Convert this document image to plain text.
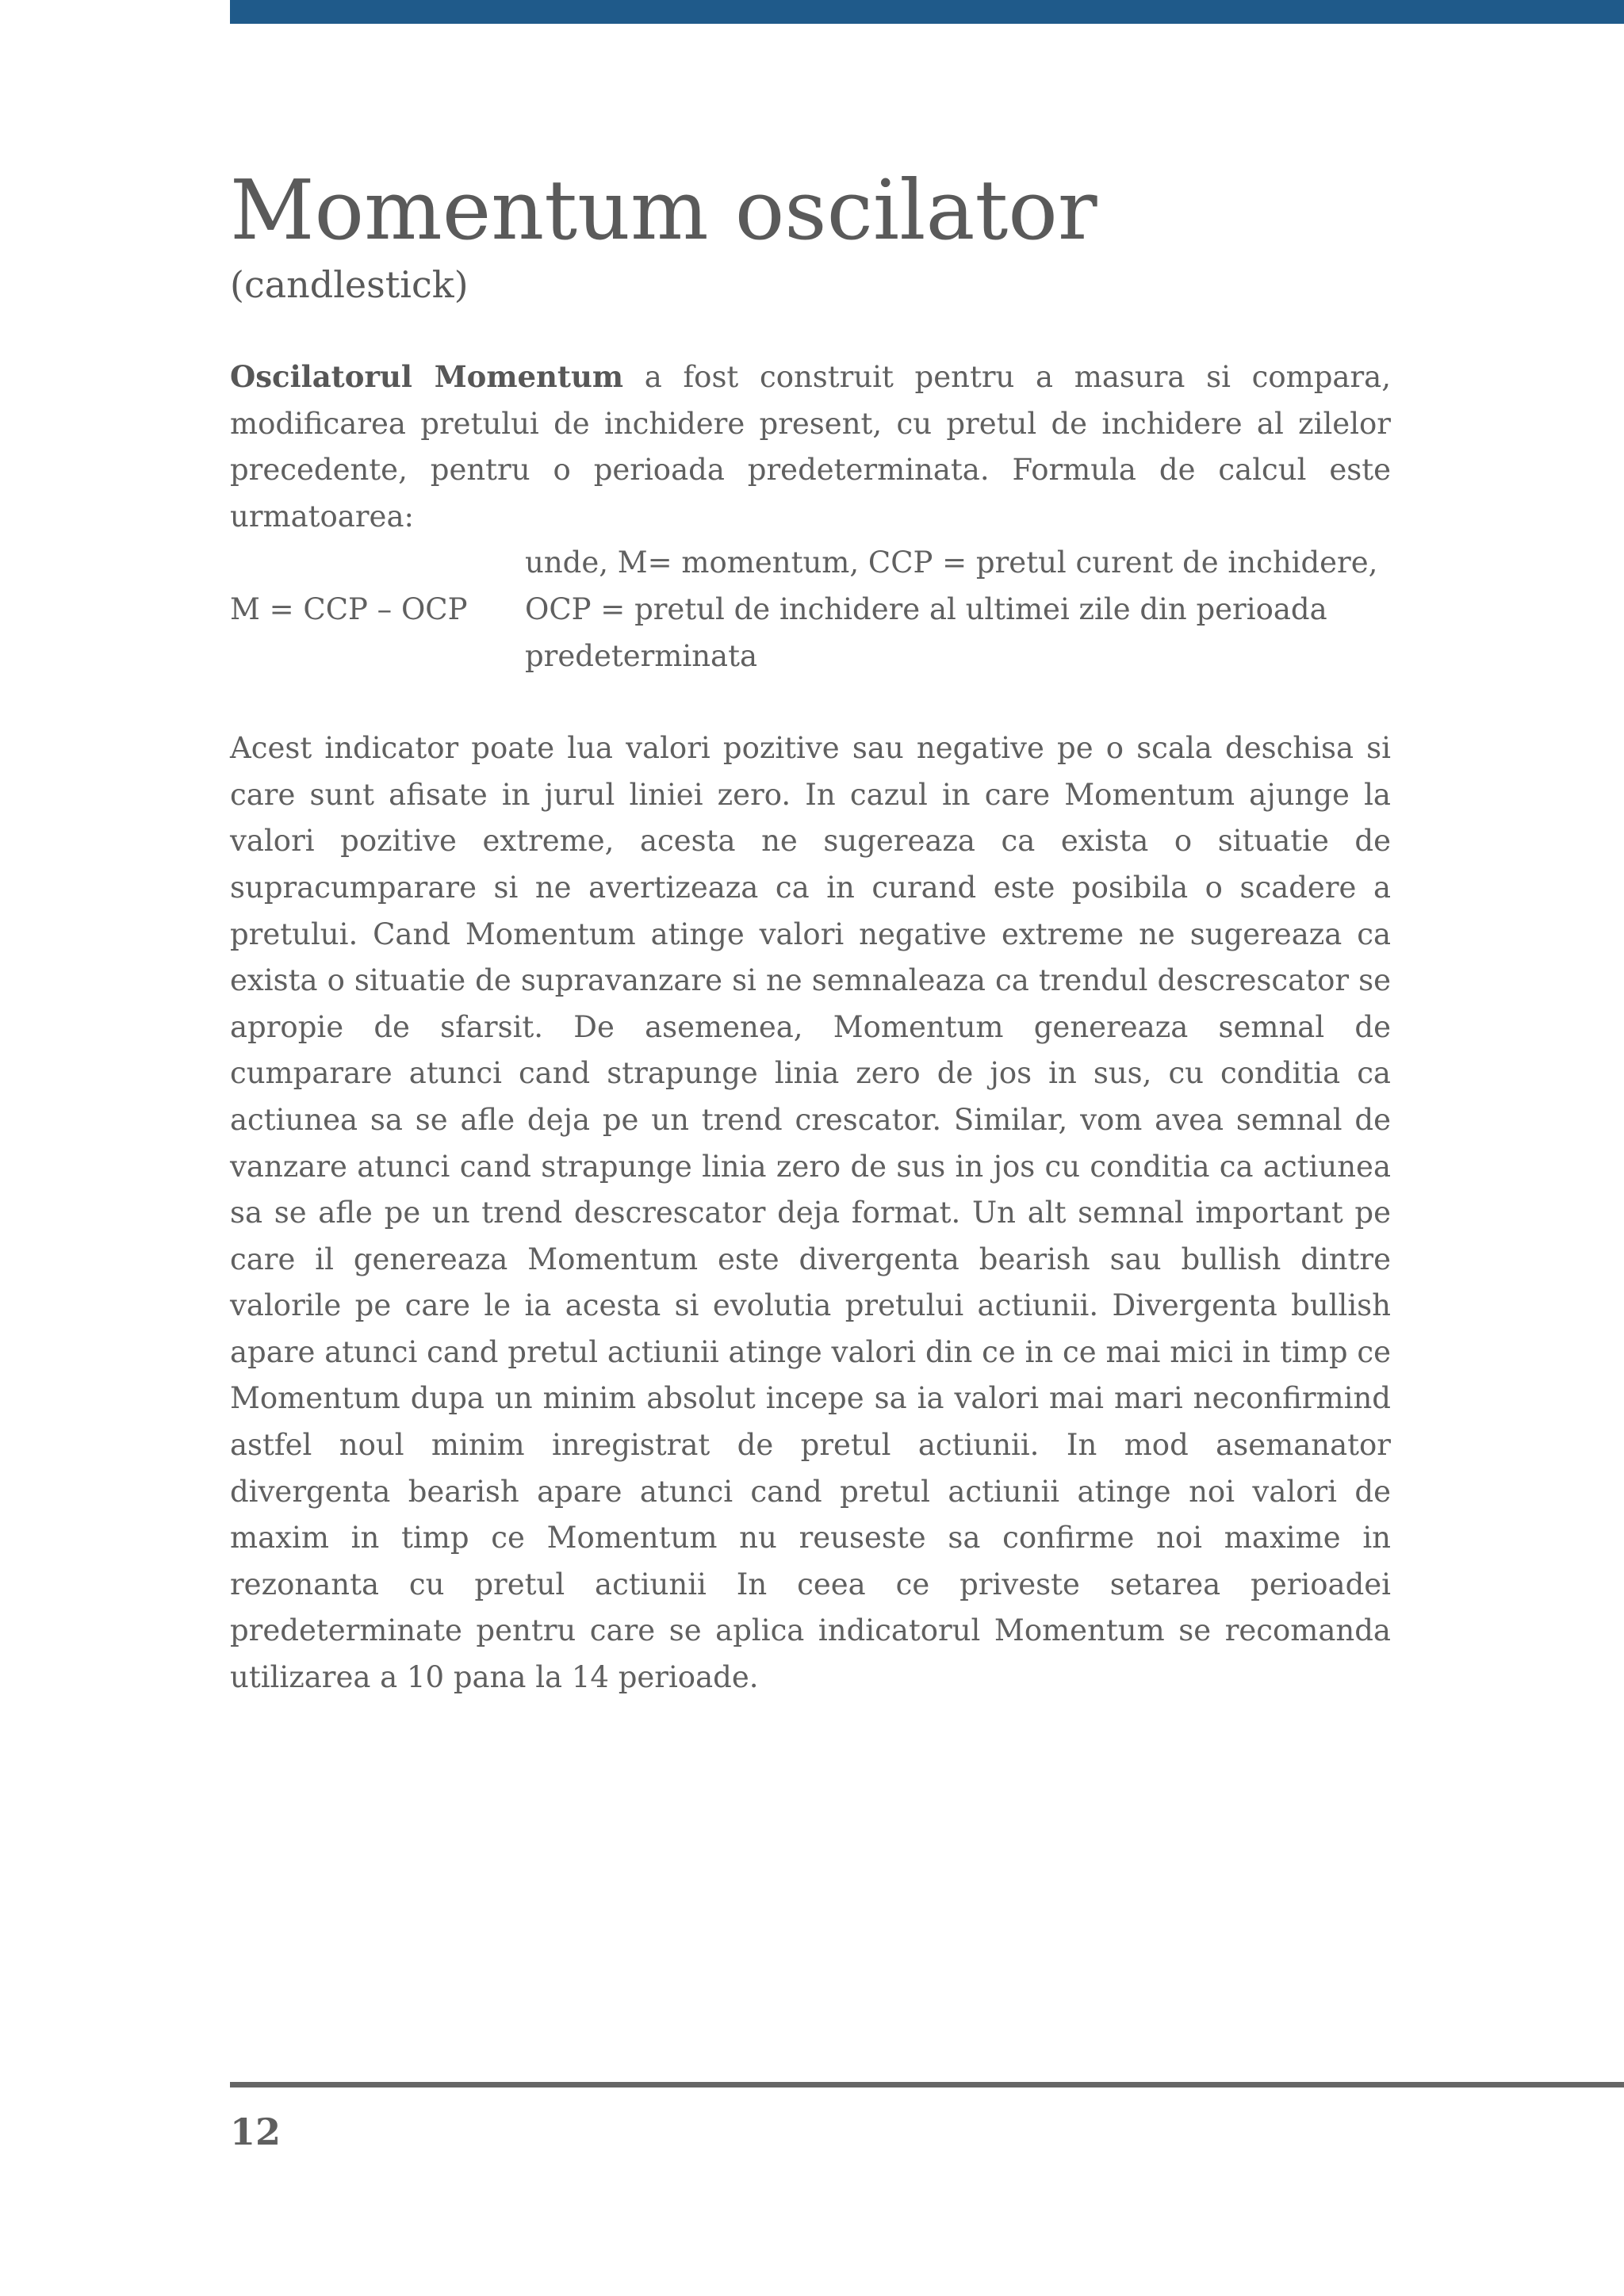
Momentum oscilator
(candlestick)

Oscilatorul Momentum a fost construit pentru a masura si compara, modificarea pretului de inchidere present, cu pretul de inchidere al zilelor precedente, pentru o perioada predeterminata. Formula de calcul este urmatoarea:

M = CCP – OCP
unde, M= momentum, CCP = pretul curent de inchidere,
OCP = pretul de inchidere al ultimei zile din perioada
predeterminata

Acest indicator poate lua valori pozitive sau negative pe o scala deschisa si care sunt afisate in jurul liniei zero. In cazul in care Momentum ajunge la valori pozitive extreme, acesta ne sugereaza ca exista o situatie de supracumparare si ne avertizeaza ca in curand este posibila o scadere a pretului. Cand Momentum atinge valori negative extreme ne sugereaza ca exista o situatie de supravanzare si ne semnaleaza ca trendul descrescator se apropie de sfarsit. De asemenea, Momentum genereaza semnal de cumparare atunci cand strapunge linia zero de jos in sus, cu conditia ca actiunea sa se afle deja pe un trend crescator. Similar, vom avea semnal de vanzare atunci cand strapunge linia zero de sus in jos cu conditia ca actiunea sa se afle pe un trend descrescator deja format. Un alt semnal important pe care il genereaza Momentum este divergenta bearish sau bullish dintre valorile pe care le ia acesta si evolutia pretului actiunii. Divergenta bullish apare atunci cand pretul actiunii atinge valori din ce in ce mai mici in timp ce Momentum dupa un minim absolut incepe sa ia valori mai mari neconfirmind astfel noul minim inregistrat de pretul actiunii. In mod asemanator divergenta bearish apare atunci cand pretul actiunii atinge noi valori de maxim in timp ce Momentum nu reuseste sa confirme noi maxime in rezonanta cu pretul actiunii In ceea ce priveste setarea perioadei predeterminate pentru care se aplica indicatorul Momentum se recomanda utilizarea a 10 pana la 14 perioade.

12
